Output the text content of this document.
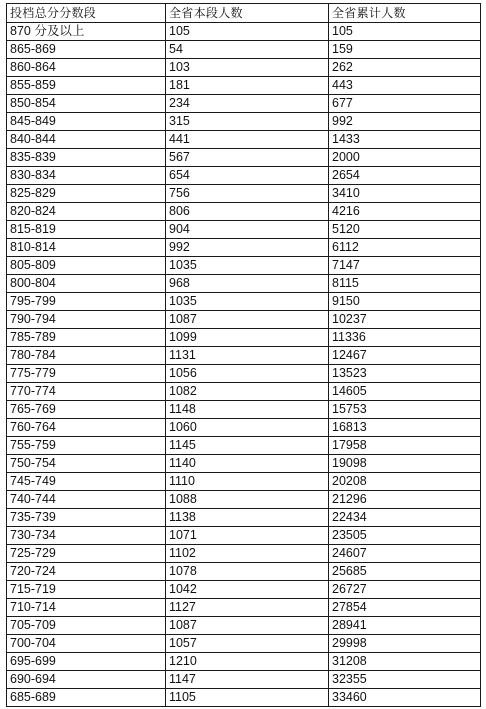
投档总分分数段	全省本段人数	全省累计人数
870 分及以上	105	105
865-869	54	159
860-864	103	262
855-859	181	443
850-854	234	677
845-849	315	992
840-844	441	1433
835-839	567	2000
830-834	654	2654
825-829	756	3410
820-824	806	4216
815-819	904	5120
810-814	992	6112
805-809	1035	7147
800-804	968	8115
795-799	1035	9150
790-794	1087	10237
785-789	1099	11336
780-784	1131	12467
775-779	1056	13523
770-774	1082	14605
765-769	1148	15753
760-764	1060	16813
755-759	1145	17958
750-754	1140	19098
745-749	1110	20208
740-744	1088	21296
735-739	1138	22434
730-734	1071	23505
725-729	1102	24607
720-724	1078	25685
715-719	1042	26727
710-714	1127	27854
705-709	1087	28941
700-704	1057	29998
695-699	1210	31208
690-694	1147	32355
685-689	1105	33460
